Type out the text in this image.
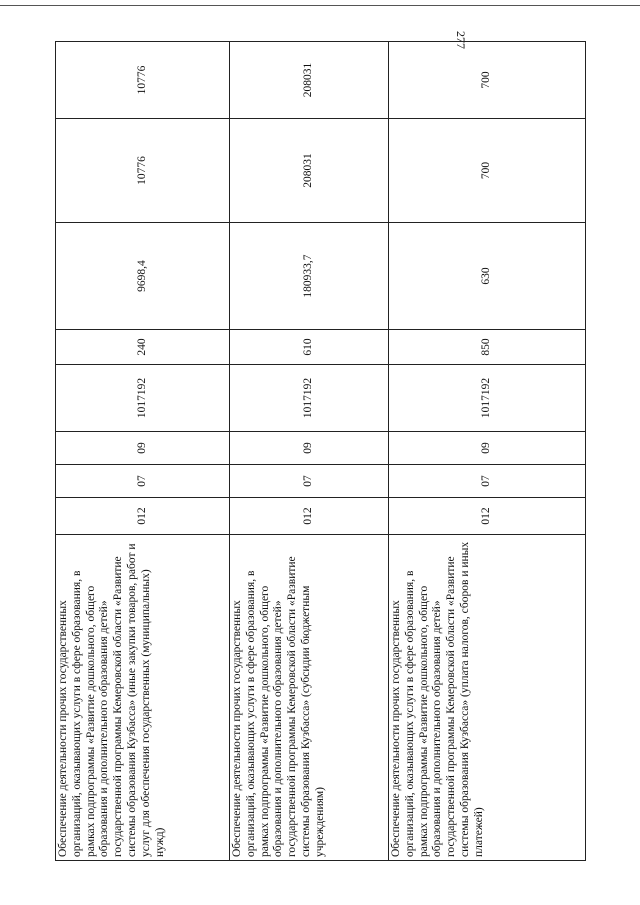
277
Обеспечение деятельности прочих государственных организаций, оказывающих услуги в сфере образования, в рамках подпрограммы «Развитие дошкольного, общего образования и дополнительного образования детей» государственной программы Кемеровской области «Развитие системы образования Кузбасса» (иные закупки товаров, работ и услуг для обеспечения государственных (муниципальных) нужд)	012	07	09	1017192	240	9698,4	10776	10776

Обеспечение деятельности прочих государственных организаций, оказывающих услуги в сфере образования, в рамках подпрограммы «Развитие дошкольного, общего образования и дополнительного образования детей» государственной программы Кемеровской области «Развитие системы образования Кузбасса» (субсидии бюджетным учреждениям)	012	07	09	1017192	610	180933,7	208031	208031

Обеспечение деятельности прочих государственных организаций, оказывающих услуги в сфере образования, в рамках подпрограммы «Развитие дошкольного, общего образования и дополнительного образования детей» государственной программы Кемеровской области «Развитие системы образования Кузбасса» (уплата налогов, сборов и иных платежей)	012	07	09	1017192	850	630	700	700
